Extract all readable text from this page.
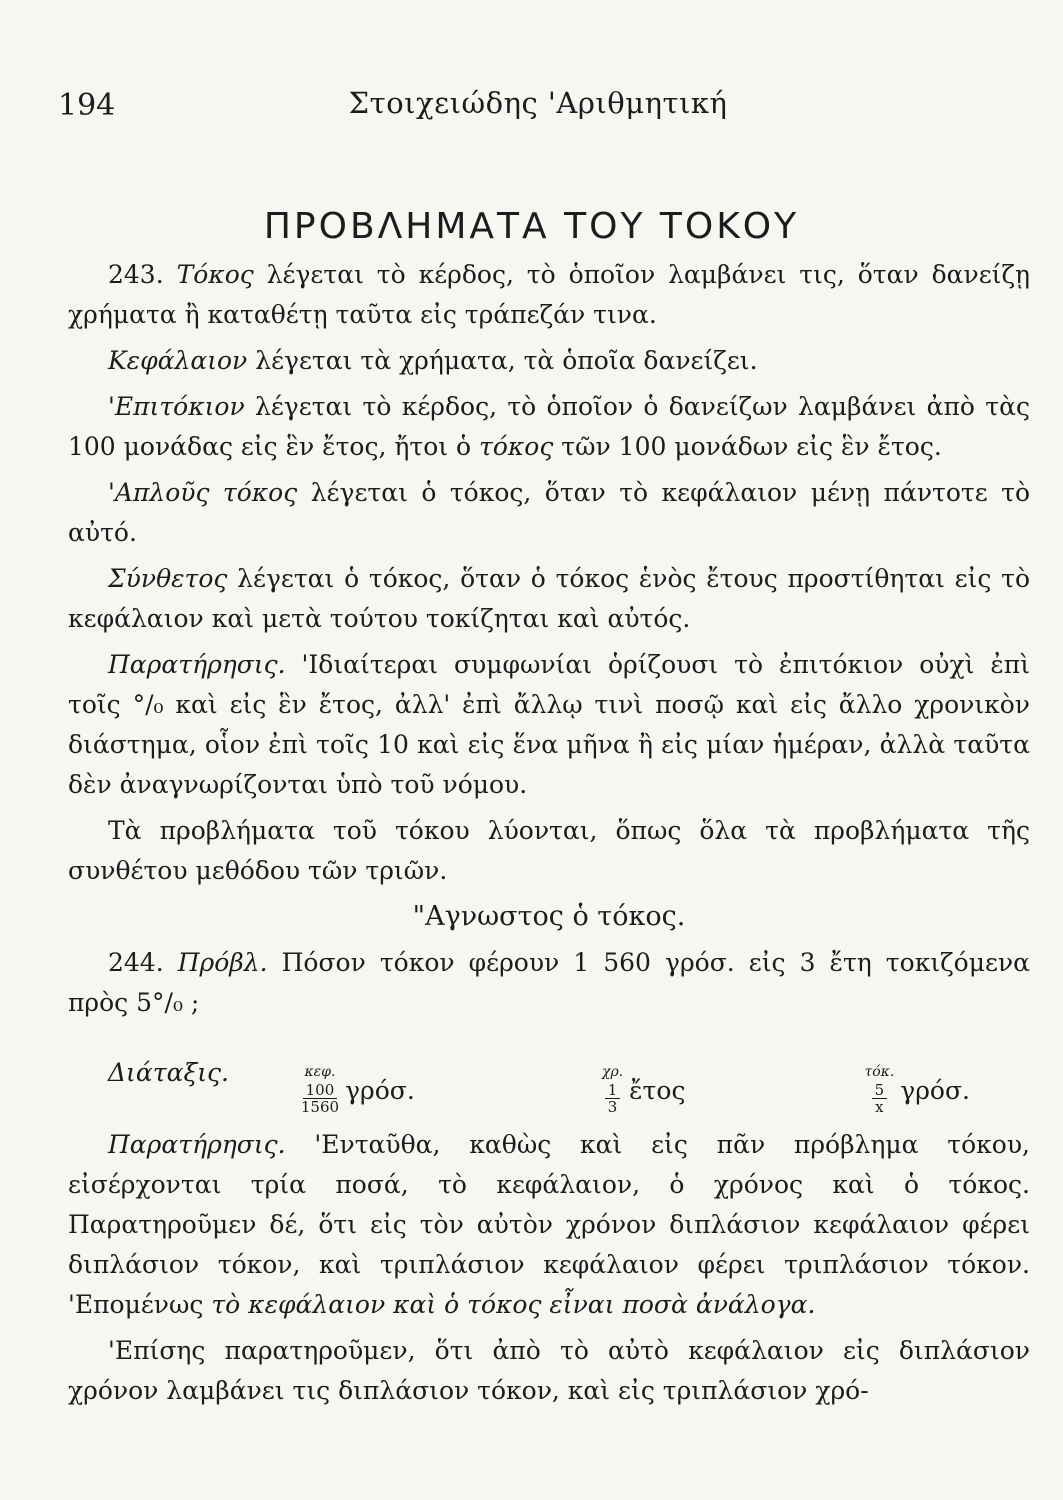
194	Στοιχειώδης 'Αριθμητική
ΠΡΟΒΛΗΜΑΤΑ ΤΟΥ ΤΟΚΟΥ

243. Τόκος λέγεται τὸ κέρδος, τὸ ὁποῖον λαμβάνει τις, ὅταν δανείζῃ χρήματα ἢ καταθέτῃ ταῦτα εἰς τράπεζάν τινα.

Κεφάλαιον λέγεται τὰ χρήματα, τὰ ὁποῖα δανείζει.

'Επιτόκιον λέγεται τὸ κέρδος, τὸ ὁποῖον ὁ δανείζων λαμβάνει ἀπὸ τὰς 100 μονάδας εἰς ἓν ἔτος, ἤτοι ὁ τόκος τῶν 100 μονάδων εἰς ἓν ἔτος.

'Απλοῦς τόκος λέγεται ὁ τόκος, ὅταν τὸ κεφάλαιον μένῃ πάντοτε τὸ αὐτό.

Σύνθετος λέγεται ὁ τόκος, ὅταν ὁ τόκος ἑνὸς ἔτους προστίθηται εἰς τὸ κεφάλαιον καὶ μετὰ τούτου τοκίζηται καὶ αὐτός.

Παρατήρησις. 'Ιδιαίτεραι συμφωνίαι ὁρίζουσι τὸ ἐπιτόκιον οὐχὶ ἐπὶ τοῖς °/₀ καὶ εἰς ἓν ἔτος, ἀλλ' ἐπὶ ἄλλῳ τινὶ ποσῷ καὶ εἰς ἄλλο χρονικὸν διάστημα, οἷον ἐπὶ τοῖς 10 καὶ εἰς ἕνα μῆνα ἢ εἰς μίαν ἡμέραν, ἀλλὰ ταῦτα δὲν ἀναγνωρίζονται ὑπὸ τοῦ νόμου.

Τὰ προβλήματα τοῦ τόκου λύονται, ὅπως ὅλα τὰ προβλήματα τῆς συνθέτου μεθόδου τῶν τριῶν.

"Αγνωστος ὁ τόκος.

244. Πρόβλ. Πόσον τόκον φέρουν 1 560 γρόσ. εἰς 3 ἔτη τοκιζόμενα πρὸς 5°/₀ ;

Διάταξις.	κεφ.
100
1560
γρόσ.
χρ.
1
3
ἔτος
τόκ.
5
x
γρόσ.

Παρατήρησις. 'Ενταῦθα, καθὼς καὶ εἰς πᾶν πρόβλημα τόκου, εἰσέρχονται τρία ποσά, τὸ κεφάλαιον, ὁ χρόνος καὶ ὁ τόκος. Παρατηροῦμεν δέ, ὅτι εἰς τὸν αὐτὸν χρόνον διπλάσιον κεφάλαιον φέρει διπλάσιον τόκον, καὶ τριπλάσιον κεφάλαιον φέρει τριπλάσιον τόκον. 'Επομένως τὸ κεφάλαιον καὶ ὁ τόκος εἶναι ποσὰ ἀνάλογα.

'Επίσης παρατηροῦμεν, ὅτι ἀπὸ τὸ αὐτὸ κεφάλαιον εἰς διπλάσιον χρόνον λαμβάνει τις διπλάσιον τόκον, καὶ εἰς τριπλάσιον χρό-
